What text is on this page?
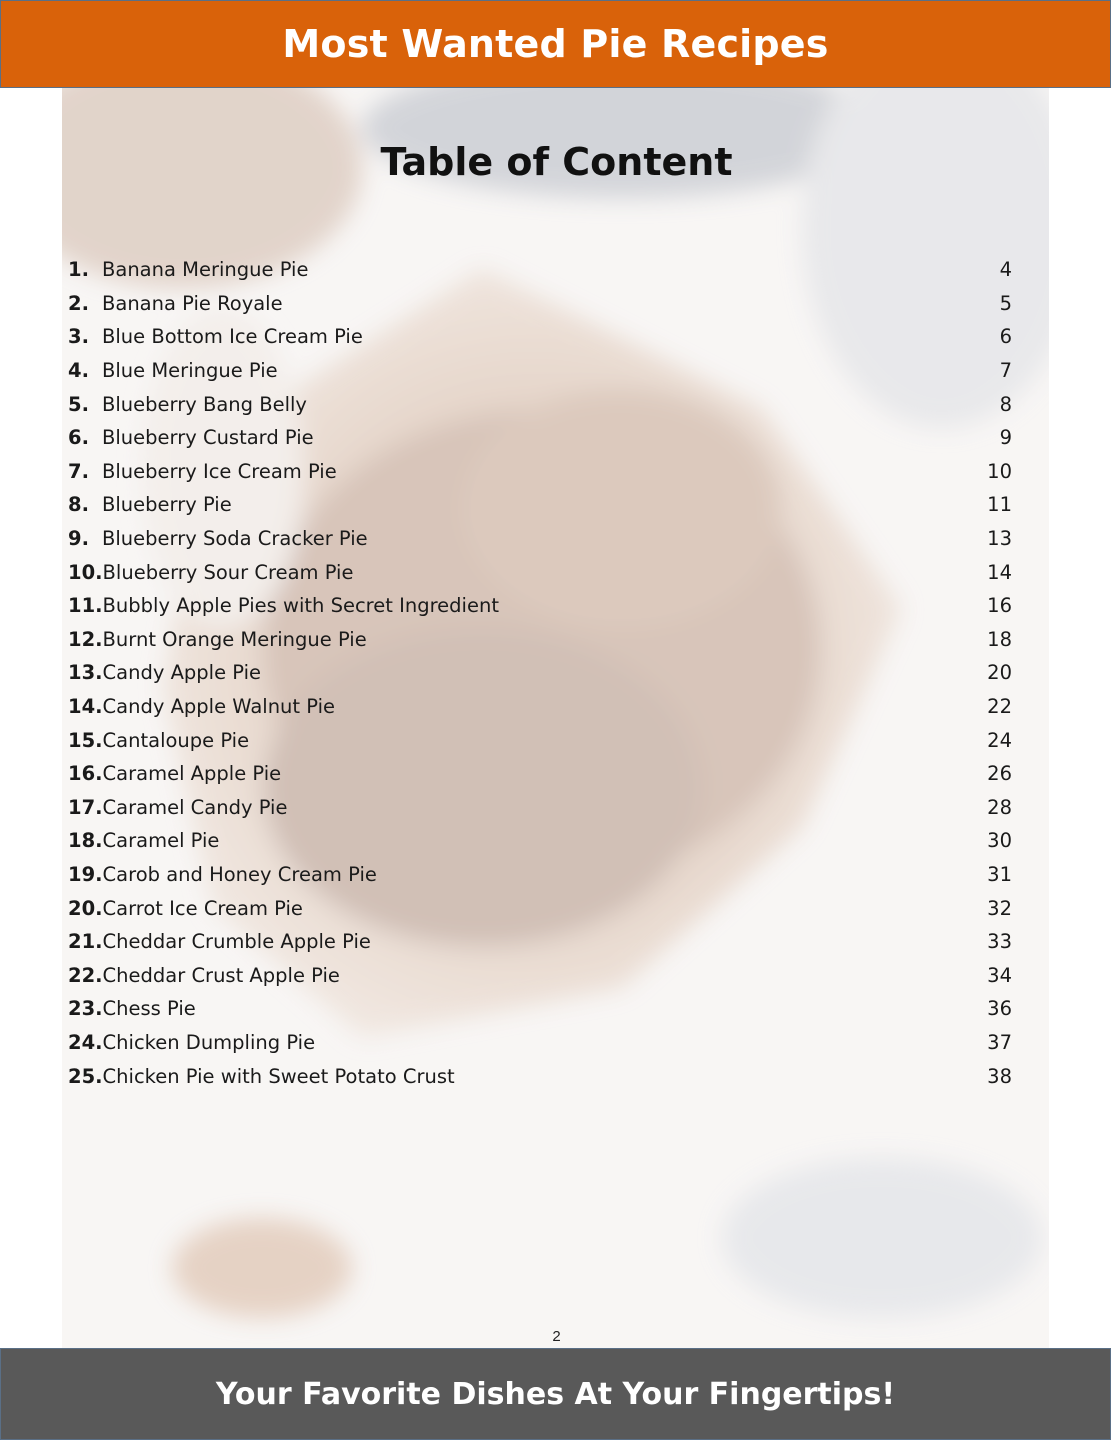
Most Wanted Pie Recipes
Table of Content
1. Banana Meringue Pie	4
2. Banana Pie Royale	5
3. Blue Bottom Ice Cream Pie	6
4. Blue Meringue Pie	7
5. Blueberry Bang Belly	8
6. Blueberry Custard Pie	9
7. Blueberry Ice Cream Pie	10
8. Blueberry Pie	11
9. Blueberry Soda Cracker Pie	13
10. Blueberry Sour Cream Pie	14
11. Bubbly Apple Pies with Secret Ingredient	16
12. Burnt Orange Meringue Pie	18
13. Candy Apple Pie	20
14. Candy Apple Walnut Pie	22
15. Cantaloupe Pie	24
16. Caramel Apple Pie	26
17. Caramel Candy Pie	28
18. Caramel Pie	30
19. Carob and Honey Cream Pie	31
20. Carrot Ice Cream Pie	32
21. Cheddar Crumble Apple Pie	33
22. Cheddar Crust Apple Pie	34
23. Chess Pie	36
24. Chicken Dumpling Pie	37
25. Chicken Pie with Sweet Potato Crust	38
2
Your Favorite Dishes At Your Fingertips!
